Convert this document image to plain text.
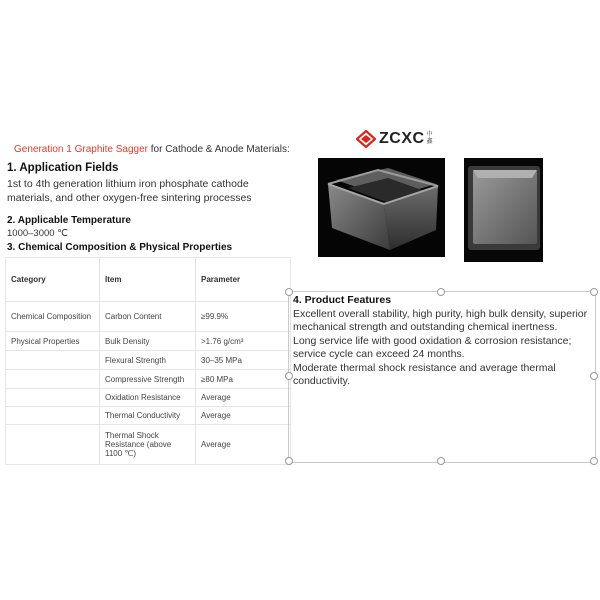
Generation 1 Graphite Sagger for Cathode & Anode Materials:
1. Application Fields
1st to 4th generation lithium iron phosphate cathode materials, and other oxygen-free sintering processes
2. Applicable Temperature
1000–3000 ℃
3. Chemical Composition & Physical Properties
Category	Item	Parameter
Chemical Composition	Carbon Content	≥99.9%
Physical Properties	Bulk Density	>1.76 g/cm³
	Flexural Strength	30–35 MPa
	Compressive Strength	≥80 MPa
	Oxidation Resistance	Average
	Thermal Conductivity	Average
	Thermal Shock Resistance (above 1100 ℃)	Average
4. Product Features
Excellent overall stability, high purity, high bulk density, superior mechanical strength and outstanding chemical inertness.
Long service life with good oxidation & corrosion resistance; service cycle can exceed 24 months.
Moderate thermal shock resistance and average thermal conductivity.
ZCXC 中鑫
